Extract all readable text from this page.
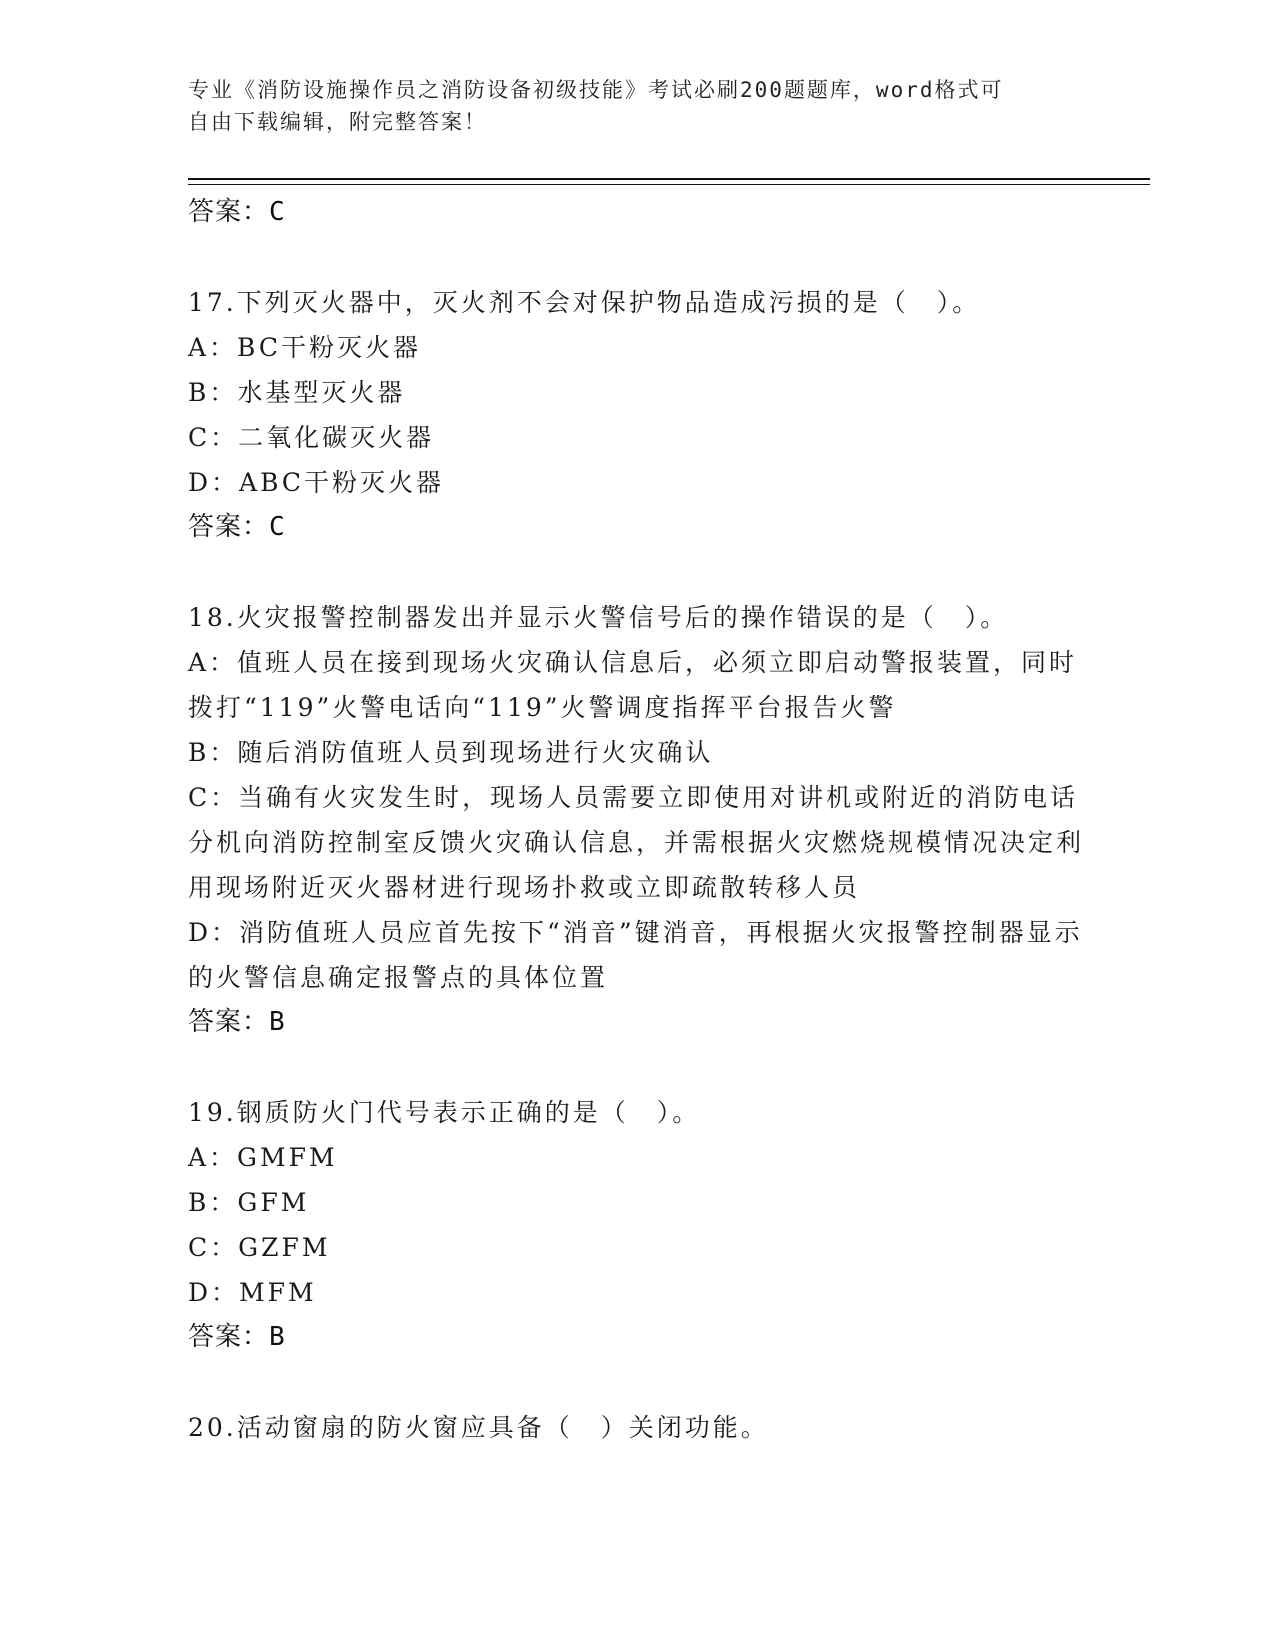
专业《消防设施操作员之消防设备初级技能》考试必刷200题题库，word格式可
自由下载编辑，附完整答案！
答案：C

17.下列灭火器中，灭火剂不会对保护物品造成污损的是（　）。

A：BC干粉灭火器

B：水基型灭火器

C：二氧化碳灭火器

D：ABC干粉灭火器

答案：C

18.火灾报警控制器发出并显示火警信号后的操作错误的是（　）。

A：值班人员在接到现场火灾确认信息后，必须立即启动警报装置，同时拨打“119”火警电话向“119”火警调度指挥平台报告火警

B：随后消防值班人员到现场进行火灾确认

C：当确有火灾发生时，现场人员需要立即使用对讲机或附近的消防电话分机向消防控制室反馈火灾确认信息，并需根据火灾燃烧规模情况决定利用现场附近灭火器材进行现场扑救或立即疏散转移人员

D：消防值班人员应首先按下“消音”键消音，再根据火灾报警控制器显示的火警信息确定报警点的具体位置

答案：B

19.钢质防火门代号表示正确的是（　）。

A：GMFM

B：GFM

C：GZFM

D：MFM

答案：B

20.活动窗扇的防火窗应具备（　）关闭功能。
